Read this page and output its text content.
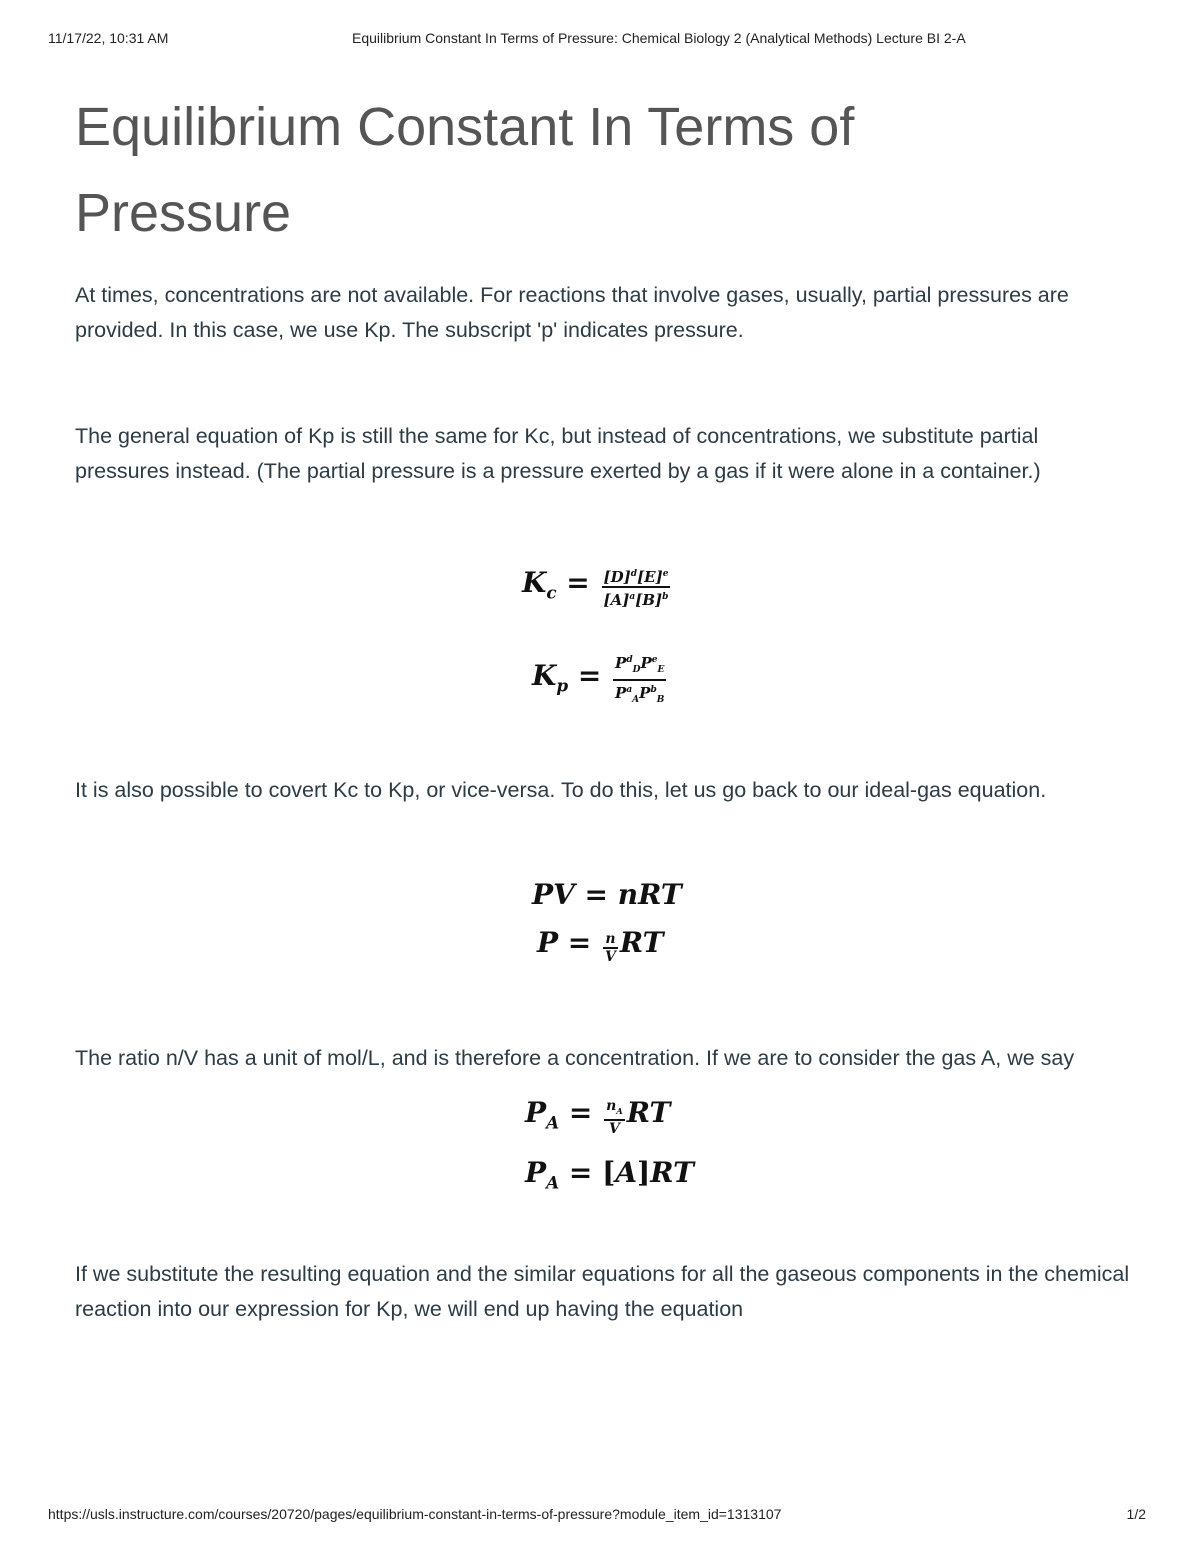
11/17/22, 10:31 AM	Equilibrium Constant In Terms of Pressure: Chemical Biology 2 (Analytical Methods) Lecture BI 2-A
Equilibrium Constant In Terms of Pressure

At times, concentrations are not available. For reactions that involve gases, usually, partial pressures are provided. In this case, we use Kp. The subscript 'p' indicates pressure.

The general equation of Kp is still the same for Kc, but instead of concentrations, we substitute partial pressures instead. (The partial pressure is a pressure exerted by a gas if it were alone in a container.)

$K_c = \frac{[D]^d[E]^e}{[A]^a[B]^b}$
$K_p = \frac{P^d_DP^e_E}{P^a_AP^b_B}$

It is also possible to covert Kc to Kp, or vice-versa. To do this, let us go back to our ideal-gas equation.

PV = nRT
$P = \frac{n}{V}$ RT

The ratio n/V has a unit of mol/L, and is therefore a concentration. If we are to consider the gas A, we say

$P_A = \frac{n_A}{V}$ RT
$P_A = [A]RT$

If we substitute the resulting equation and the similar equations for all the gaseous components in the chemical reaction into our expression for Kp, we will end up having the equation

https://usls.instructure.com/courses/20720/pages/equilibrium-constant-in-terms-of-pressure?module_item_id=1313107	1/2
